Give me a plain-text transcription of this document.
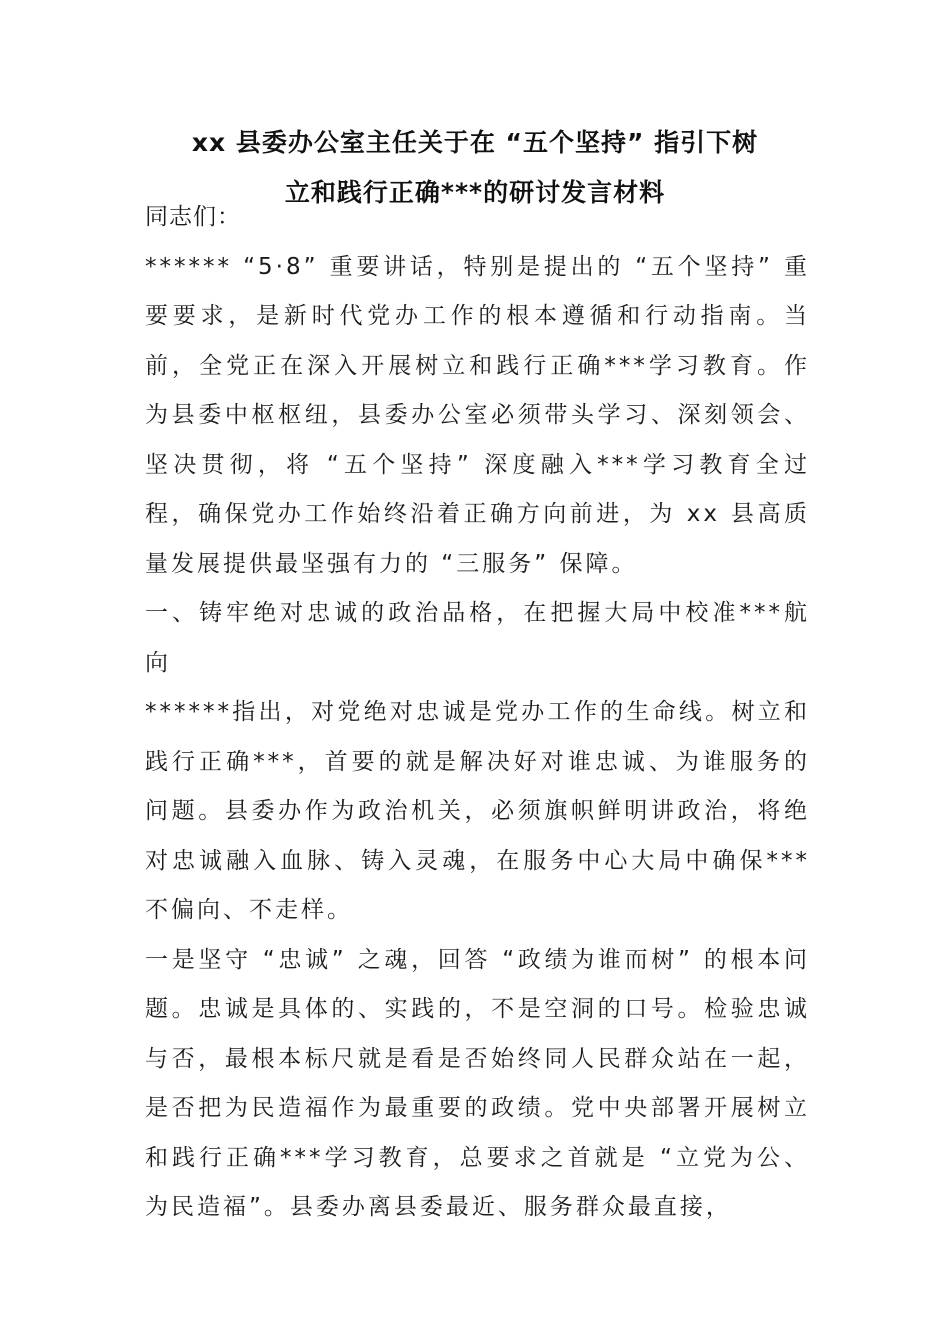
xx 县委办公室主任关于在 “五个坚持” 指引下树
立和践行正确***的研讨发言材料

同志们：

****** “5·8” 重要讲话，特别是提出的 “五个坚持” 重要要求，是新时代党办工作的根本遵循和行动指南。当前，全党正在深入开展树立和践行正确***学习教育。作为县委中枢枢纽，县委办公室必须带头学习、深刻领会、坚决贯彻，将 “五个坚持” 深度融入***学习教育全过程，确保党办工作始终沿着正确方向前进，为 xx 县高质量发展提供最坚强有力的 “三服务” 保障。

一、铸牢绝对忠诚的政治品格，在把握大局中校准***航向

******指出，对党绝对忠诚是党办工作的生命线。树立和践行正确***，首要的就是解决好对谁忠诚、为谁服务的问题。县委办作为政治机关，必须旗帜鲜明讲政治，将绝对忠诚融入血脉、铸入灵魂，在服务中心大局中确保***不偏向、不走样。

一是坚守 “忠诚” 之魂，回答 “政绩为谁而树” 的根本问题。忠诚是具体的、实践的，不是空洞的口号。检验忠诚与否，最根本标尺就是看是否始终同人民群众站在一起，是否把为民造福作为最重要的政绩。党中央部署开展树立和践行正确***学习教育，总要求之首就是 “立党为公、为民造福”。县委办离县委最近、服务群众最直接，
